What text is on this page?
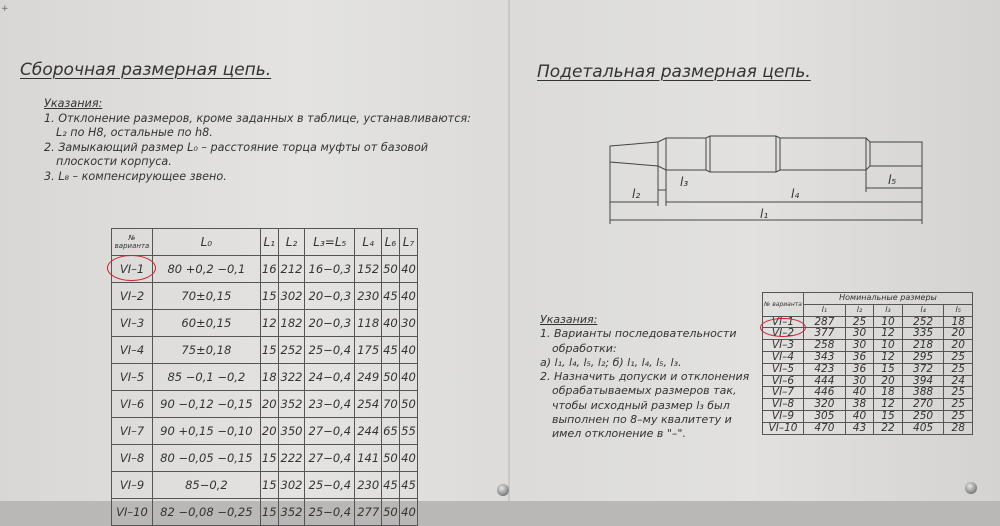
+
Сборочная размерная цепь.
Указания:
1. Отклонение размеров, кроме заданных в таблице, устанавливаются:
L₂ по H8, остальные по h8.
2. Замыкающий размер L₀ – расстояние торца муфты от базовой
плоскости корпуса.
3. L₈ – компенсирующее звено.
№ варианта	L₀	L₁	L₂	L₃=L₅	L₄	L₆	L₇
VI–1	80 +0,2 −0,1	16	212	16−0,3	152	50	40
VI–2	70±0,15	15	302	20−0,3	230	45	40
VI–3	60±0,15	12	182	20−0,3	118	40	30
VI–4	75±0,18	15	252	25−0,4	175	45	40
VI–5	85 −0,1 −0,2	18	322	24−0,4	249	50	40
VI–6	90 −0,12 −0,15	20	352	23−0,4	254	70	50
VI–7	90 +0,15 −0,10	20	350	27−0,4	244	65	55
VI–8	80 −0,05 −0,15	15	222	27−0,4	141	50	40
VI–9	85−0,2	15	302	25−0,4	230	45	45
VI–10	82 −0,08 −0,25	15	352	25−0,4	277	50	40
Подетальная размерная цепь.
l₂
l₃
l₄
l₅
l₁
Указания:
1. Варианты последовательности
обработки:
а) l₁, l₄, l₅, l₂; б) l₁, l₄, l₅, l₃.
2. Назначить допуски и отклонения
обрабатываемых размеров так,
чтобы исходный размер l₃ был
выполнен по 8–му квалитету и
имел отклонение в "–".
№ варианта	Номинальные размеры				
	l₁	l₂	l₃	l₄	l₅
VI–1	287	25	10	252	18
VI–2	377	30	12	335	20
VI–3	258	30	10	218	20
VI–4	343	36	12	295	25
VI–5	423	36	15	372	25
VI–6	444	30	20	394	24
VI–7	446	40	18	388	25
VI–8	320	38	12	270	25
VI–9	305	40	15	250	25
VI–10	470	43	22	405	28
